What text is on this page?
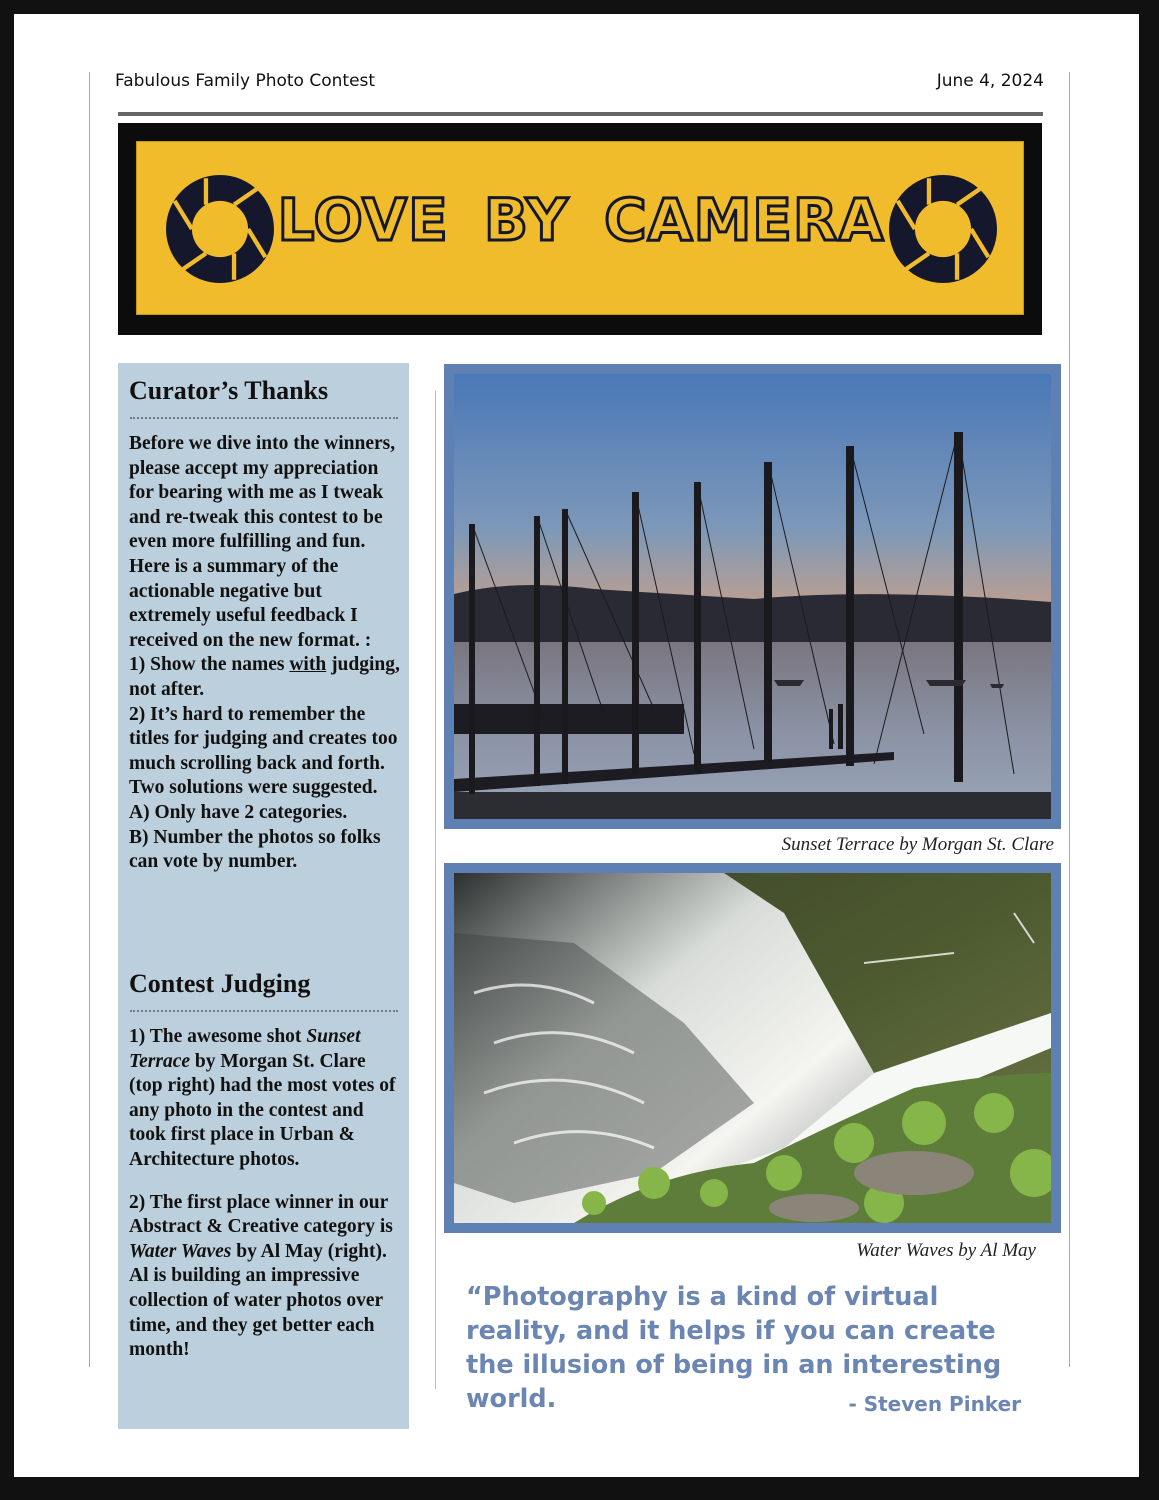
Fabulous Family Photo Contest	June 4, 2024
LOVE BY CAMERA
Curator’s Thanks

Before we dive into the winners, please accept my appreciation for bearing with me as I tweak and re-tweak this contest to be even more fulfilling and fun. Here is a summary of the actionable negative but extremely useful feedback I received on the new format. :

1) Show the names with judging, not after.

2) It’s hard to remember the titles for judging and creates too much scrolling back and forth. Two solutions were suggested.

A) Only have 2 categories.

B) Number the photos so folks can vote by number.

Contest Judging

1) The awesome shot Sunset Terrace by Morgan St. Clare (top right) had the most votes of any photo in the contest and took first place in Urban & Architecture photos.

2) The first place winner in our Abstract & Creative category is Water Waves by Al May (right). Al is building an impressive collection of water photos over time, and they get better each month!

Sunset Terrace by Morgan St. Clare
Water Waves by Al May
“Photography is a kind of virtual reality, and it helps if you can create the illusion of being in an interesting world.	- Steven Pinker
